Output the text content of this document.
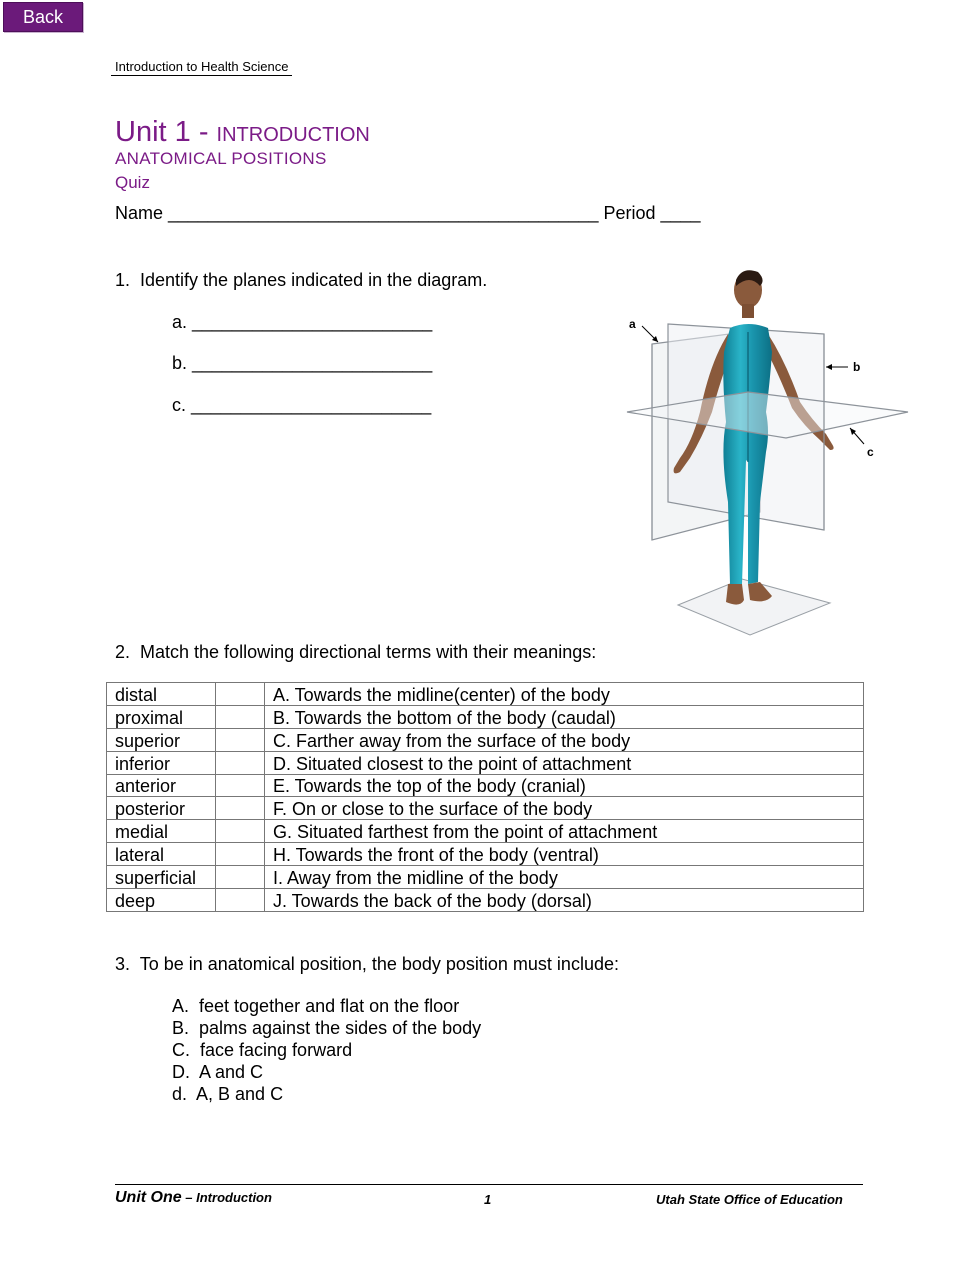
Back
Introduction to Health Science
Unit 1 - INTRODUCTION
ANATOMICAL POSITIONS
Quiz
Name ___________________________________________ Period ____
1.  Identify the planes indicated in the diagram.
a. ________________________
b. ________________________
c. ________________________
a
b
c
2.  Match the following directional terms with their meanings:
distal		A. Towards the midline(center) of the body
proximal		B. Towards the bottom of the body (caudal)
superior		C. Farther away from the surface of the body
inferior		D. Situated closest to the point of attachment
anterior		E. Towards the top of the body (cranial)
posterior		F. On or close to the surface of the body
medial		G. Situated farthest from the point of attachment
lateral		H. Towards the front of the body (ventral)
superficial		I. Away from the midline of the body
deep		J. Towards the back of the body (dorsal)
3.  To be in anatomical position, the body position must include:
A.  feet together and flat on the floor
B.  palms against the sides of the body
C.  face facing forward
D.  A and C
d.  A, B and C
Unit One – Introduction	1	Utah State Office of Education
